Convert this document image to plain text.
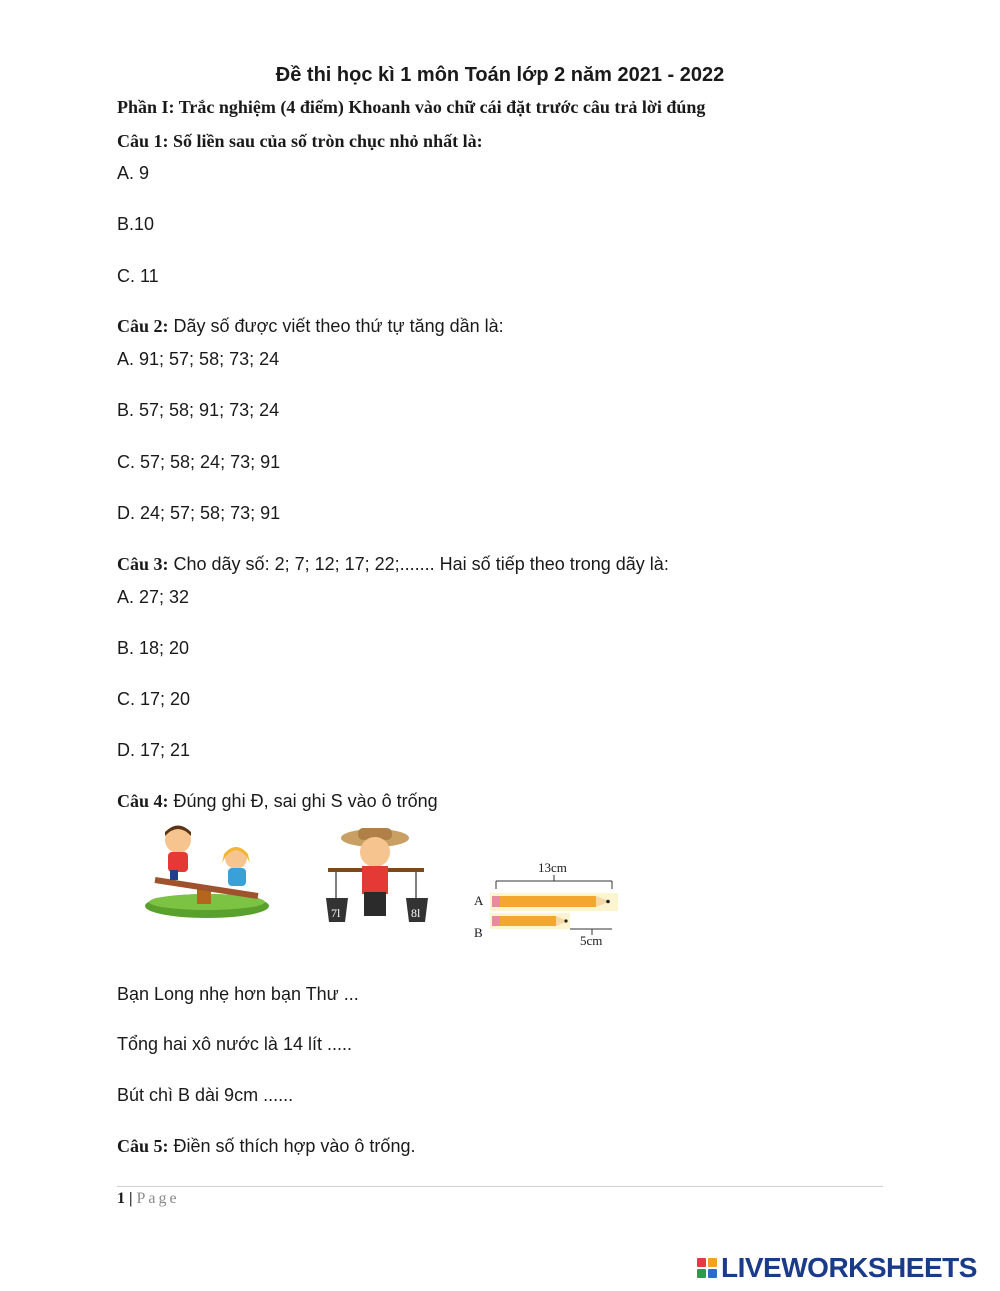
Đề thi học kì 1 môn Toán lớp 2 năm 2021 - 2022
Phần I: Trắc nghiệm (4 điểm) Khoanh vào chữ cái đặt trước câu trả lời đúng
Câu 1: Số liền sau của số tròn chục nhỏ nhất là:
A. 9
B.10
C. 11
Câu 2: Dãy số được viết theo thứ tự tăng dần là:
A. 91; 57; 58; 73; 24
B. 57; 58; 91; 73; 24
C. 57; 58; 24; 73; 91
D. 24; 57; 58; 73; 91
Câu 3: Cho dãy số: 2; 7; 12; 17; 22;....... Hai số tiếp theo trong dãy là:
A. 27; 32
B. 18; 20
C. 17; 20
D. 17; 21
Câu 4: Đúng ghi Đ, sai ghi S vào ô trống
7l	8l
13cm
A
B
5cm
Bạn Long nhẹ hơn bạn Thư ...
Tổng hai xô nước là 14 lít .....
Bút chì B dài 9cm ......
Câu 5: Điền số thích hợp vào ô trống.
1 | Page
LIVEWORKSHEETS
